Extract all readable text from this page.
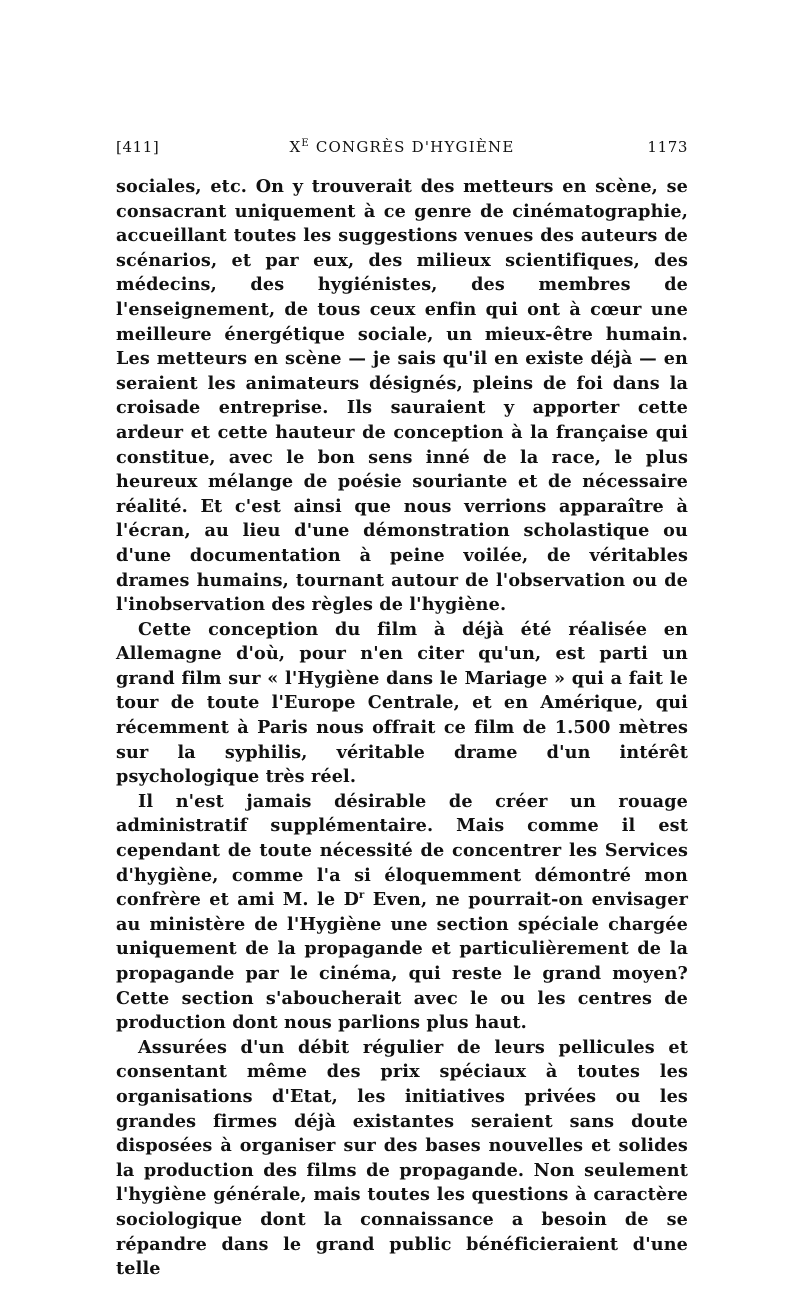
[411]	$X^E$ CONGRÈS D'HYGIÈNE	1173

sociales, etc. On y trouverait des metteurs en scène, se consacrant uniquement à ce genre de cinématographie, accueillant toutes les suggestions venues des auteurs de scénarios, et par eux, des milieux scientifiques, des médecins, des hygiénistes, des membres de l'enseignement, de tous ceux enfin qui ont à cœur une meilleure énergétique sociale, un mieux-être humain. Les metteurs en scène — je sais qu'il en existe déjà — en seraient les animateurs désignés, pleins de foi dans la croisade entreprise. Ils sauraient y apporter cette ardeur et cette hauteur de conception à la française qui constitue, avec le bon sens inné de la race, le plus heureux mélange de poésie souriante et de nécessaire réalité. Et c'est ainsi que nous verrions apparaître à l'écran, au lieu d'une démonstration scholastique ou d'une documentation à peine voilée, de véritables drames humains, tournant autour de l'observation ou de l'inobservation des règles de l'hygiène.

Cette conception du film à déjà été réalisée en Allemagne d'où, pour n'en citer qu'un, est parti un grand film sur « l'Hygiène dans le Mariage » qui a fait le tour de toute l'Europe Centrale, et en Amérique, qui récemment à Paris nous offrait ce film de 1.500 mètres sur la syphilis, véritable drame d'un intérêt psychologique très réel.

Il n'est jamais désirable de créer un rouage administratif supplémentaire. Mais comme il est cependant de toute nécessité de concentrer les Services d'hygiène, comme l'a si éloquemment démontré mon confrère et ami M. le $D^r$ Even, ne pourrait-on envisager au ministère de l'Hygiène une section spéciale chargée uniquement de la propagande et particulièrement de la propagande par le cinéma, qui reste le grand moyen? Cette section s'aboucherait avec le ou les centres de production dont nous parlions plus haut.

Assurées d'un débit régulier de leurs pellicules et consentant même des prix spéciaux à toutes les organisations d'Etat, les initiatives privées ou les grandes firmes déjà existantes seraient sans doute disposées à organiser sur des bases nouvelles et solides la production des films de propagande. Non seulement l'hygiène générale, mais toutes les questions à caractère sociologique dont la connaissance a besoin de se répandre dans le grand public bénéficieraient d'une telle
